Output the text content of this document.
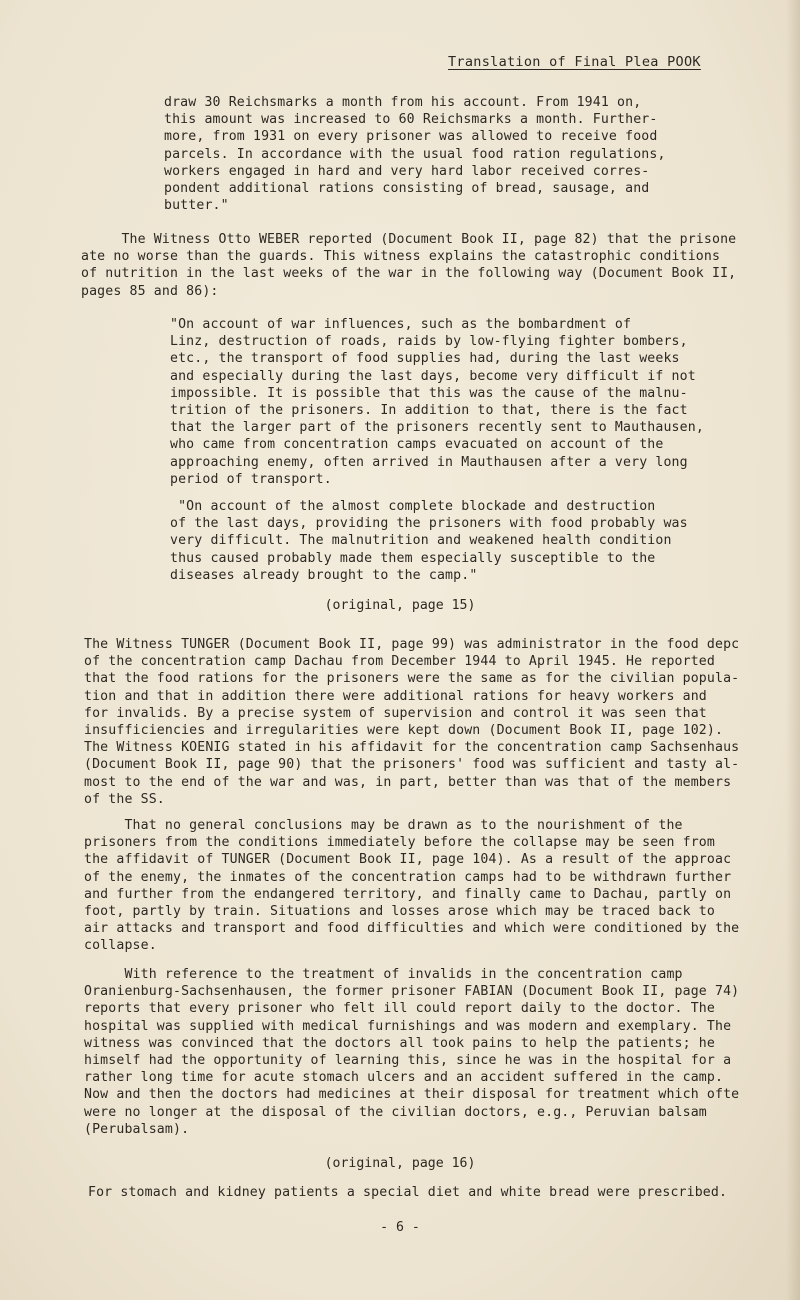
Translation of Final Plea POOK
draw 30 Reichsmarks a month from his account. From 1941 on,
this amount was increased to 60 Reichsmarks a month. Further-
more, from 1931 on every prisoner was allowed to receive food
parcels. In accordance with the usual food ration regulations,
workers engaged in hard and very hard labor received corres-
pondent additional rations consisting of bread, sausage, and
butter."
The Witness Otto WEBER reported (Document Book II, page 82) that the prisone
ate no worse than the guards. This witness explains the catastrophic conditions
of nutrition in the last weeks of the war in the following way (Document Book II,
pages 85 and 86):
"On account of war influences, such as the bombardment of
Linz, destruction of roads, raids by low-flying fighter bombers,
etc., the transport of food supplies had, during the last weeks
and especially during the last days, become very difficult if not
impossible. It is possible that this was the cause of the malnu-
trition of the prisoners. In addition to that, there is the fact
that the larger part of the prisoners recently sent to Mauthausen,
who came from concentration camps evacuated on account of the
approaching enemy, often arrived in Mauthausen after a very long
period of transport.
"On account of the almost complete blockade and destruction
of the last days, providing the prisoners with food probably was
very difficult. The malnutrition and weakened health condition
thus caused probably made them especially susceptible to the
diseases already brought to the camp."
(original, page 15)
The Witness TUNGER (Document Book II, page 99) was administrator in the food depc
of the concentration camp Dachau from December 1944 to April 1945. He reported
that the food rations for the prisoners were the same as for the civilian popula-
tion and that in addition there were additional rations for heavy workers and
for invalids. By a precise system of supervision and control it was seen that
insufficiencies and irregularities were kept down (Document Book II, page 102).
The Witness KOENIG stated in his affidavit for the concentration camp Sachsenhaus
(Document Book II, page 90) that the prisoners' food was sufficient and tasty al-
most to the end of the war and was, in part, better than was that of the members
of the SS.
That no general conclusions may be drawn as to the nourishment of the
prisoners from the conditions immediately before the collapse may be seen from
the affidavit of TUNGER (Document Book II, page 104). As a result of the approac
of the enemy, the inmates of the concentration camps had to be withdrawn further
and further from the endangered territory, and finally came to Dachau, partly on
foot, partly by train. Situations and losses arose which may be traced back to
air attacks and transport and food difficulties and which were conditioned by the
collapse.
With reference to the treatment of invalids in the concentration camp
Oranienburg-Sachsenhausen, the former prisoner FABIAN (Document Book II, page 74)
reports that every prisoner who felt ill could report daily to the doctor. The
hospital was supplied with medical furnishings and was modern and exemplary. The
witness was convinced that the doctors all took pains to help the patients; he
himself had the opportunity of learning this, since he was in the hospital for a
rather long time for acute stomach ulcers and an accident suffered in the camp.
Now and then the doctors had medicines at their disposal for treatment which ofte
were no longer at the disposal of the civilian doctors, e.g., Peruvian balsam
(Perubalsam).
(original, page 16)
For stomach and kidney patients a special diet and white bread were prescribed.
- 6 -
